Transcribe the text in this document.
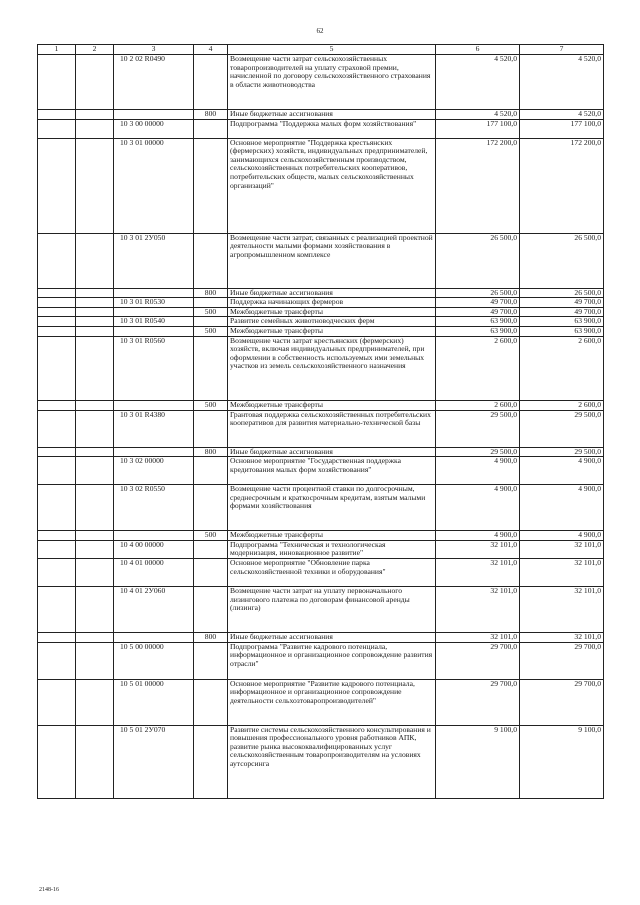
62
1	2	3	4	5	6	7
		10 2 02 R0490		Возмещение части затрат сельскохозяйственных товаропроизводителей на уплату страховой премии, начисленной по договору сельскохозяйственного страхования в области животноводства	4 520,0	4 520,0
			800	Иные бюджетные ассигнования	4 520,0	4 520,0
		10 3 00 00000		Подпрограмма "Поддержка малых форм хозяйствования"	177 100,0	177 100,0
		10 3 01 00000		Основное мероприятие "Поддержка крестьянских (фермерских) хозяйств, индивидуальных предпринимателей, занимающихся сельскохозяйственным производством, сельскохозяйственных потребительских кооперативов, потребительских обществ, малых сельскохозяйственных организаций"	172 200,0	172 200,0
		10 3 01 2У050		Возмещение части затрат, связанных с реализацией проектной деятельности малыми формами хозяйствования в агропромышленном комплексе	26 500,0	26 500,0
			800	Иные бюджетные ассигнования	26 500,0	26 500,0
		10 3 01 R0530		Поддержка начинающих фермеров	49 700,0	49 700,0
			500	Межбюджетные трансферты	49 700,0	49 700,0
		10 3 01 R0540		Развитие семейных животноводческих ферм	63 900,0	63 900,0
			500	Межбюджетные трансферты	63 900,0	63 900,0
		10 3 01 R0560		Возмещение части затрат крестьянских (фермерских) хозяйств, включая индивидуальных предпринимателей, при оформлении в собственность используемых ими земельных участков из земель сельскохозяйственного назначения	2 600,0	2 600,0
			500	Межбюджетные трансферты	2 600,0	2 600,0
		10 3 01 R4380		Грантовая поддержка сельскохозяйственных потребительских кооперативов для развития материально-технической базы	29 500,0	29 500,0
			800	Иные бюджетные ассигнования	29 500,0	29 500,0
		10 3 02 00000		Основное мероприятие "Государственная поддержка кредитования малых форм хозяйствования"	4 900,0	4 900,0
		10 3 02 R0550		Возмещение части процентной ставки по долгосрочным, среднесрочным и краткосрочным кредитам, взятым малыми формами хозяйствования	4 900,0	4 900,0
			500	Межбюджетные трансферты	4 900,0	4 900,0
		10 4 00 00000		Подпрограмма "Техническая и технологическая модернизация, инновационное развитие"	32 101,0	32 101,0
		10 4 01 00000		Основное мероприятие "Обновление парка сельскохозяйственной техники и оборудования"	32 101,0	32 101,0
		10 4 01 2У060		Возмещение части затрат на уплату первоначального лизингового платежа по договорам финансовой аренды (лизинга)	32 101,0	32 101,0
			800	Иные бюджетные ассигнования	32 101,0	32 101,0
		10 5 00 00000		Подпрограмма "Развитие кадрового потенциала, информационное и организационное сопровождение развития отрасли"	29 700,0	29 700,0
		10 5 01 00000		Основное мероприятие "Развитие кадрового потенциала, информационное и организационное сопровождение деятельности сельхозтоваропроизводителей"	29 700,0	29 700,0
		10 5 01 2У070		Развитие системы сельскохозяйственного консультирования и повышения профессионального уровня работников АПК, развитие рынка высококвалифицированных услуг сельскохозяйственным товаропроизводителям на условиях аутсорсинга	9 100,0	9 100,0
2148-16
